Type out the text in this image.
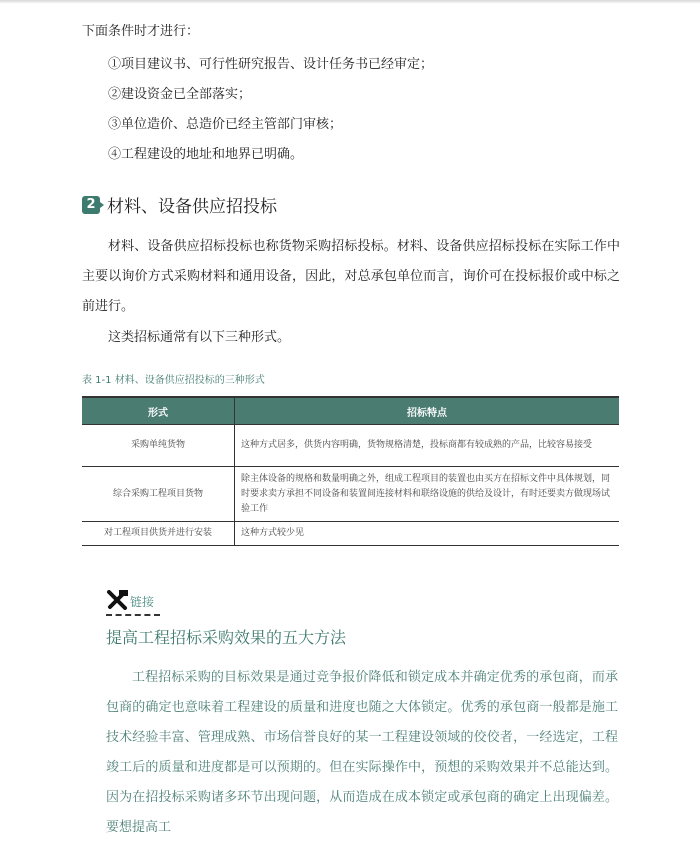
下面条件时才进行：
①项目建议书、可行性研究报告、设计任务书已经审定；
②建设资金已全部落实；
③单位造价、总造价已经主管部门审核；
④工程建设的地址和地界已明确。
2 材料、设备供应招投标
材料、设备供应招标投标也称货物采购招标投标。材料、设备供应招标投标在实际工作中主要以询价方式采购材料和通用设备，因此，对总承包单位而言，询价可在投标报价或中标之前进行。
这类招标通常有以下三种形式。
表 1-1 材料、设备供应招投标的三种形式
形式	招标特点
采购单纯货物	这种方式居多，供货内容明确，货物规格清楚，投标商都有较成熟的产品，比较容易接受
综合采购工程项目货物	除主体设备的规格和数量明确之外，组成工程项目的装置也由买方在招标文件中具体规划，同时要求卖方承担不同设备和装置间连接材料和联络设施的供给及设计，有时还要卖方做现场试验工作
对工程项目供货并进行安装	这种方式较少见
链接
提高工程招标采购效果的五大方法
工程招标采购的目标效果是通过竞争报价降低和锁定成本并确定优秀的承包商，而承包商的确定也意味着工程建设的质量和进度也随之大体锁定。优秀的承包商一般都是施工技术经验丰富、管理成熟、市场信誉良好的某一工程建设领域的佼佼者，一经选定，工程竣工后的质量和进度都是可以预期的。但在实际操作中，预想的采购效果并不总能达到。因为在招投标采购诸多环节出现问题，从而造成在成本锁定或承包商的确定上出现偏差。要想提高工
